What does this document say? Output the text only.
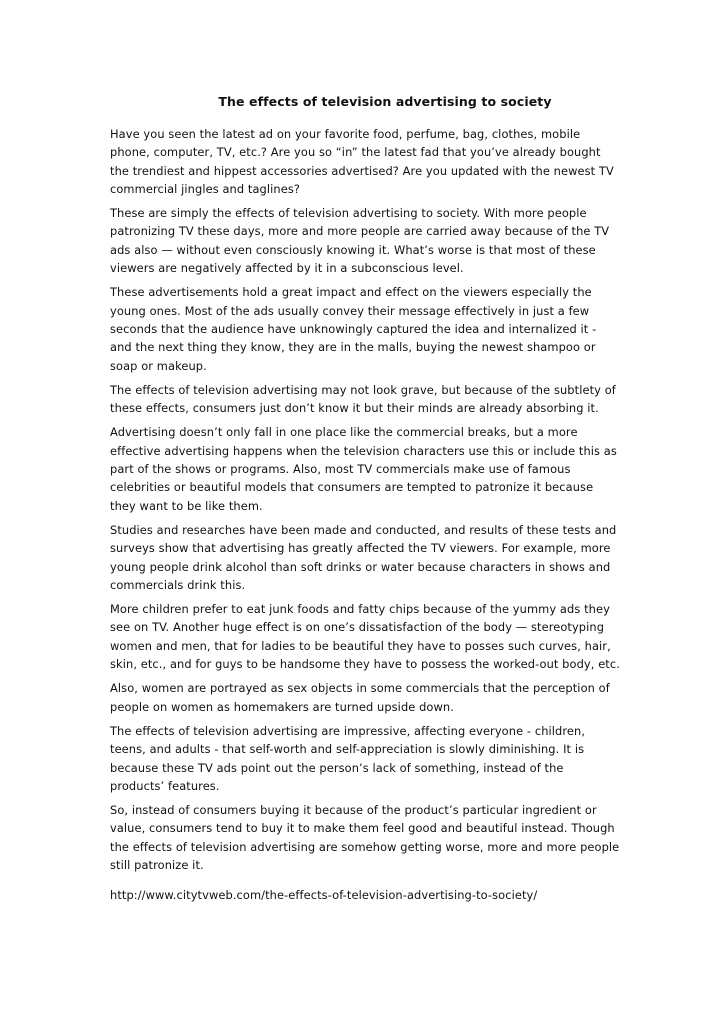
The effects of television advertising to society

Have you seen the latest ad on your favorite food, perfume, bag, clothes, mobile phone, computer, TV, etc.? Are you so “in” the latest fad that you’ve already bought the trendiest and hippest accessories advertised? Are you updated with the newest TV commercial jingles and taglines?

These are simply the effects of television advertising to society. With more people patronizing TV these days, more and more people are carried away because of the TV ads also — without even consciously knowing it. What’s worse is that most of these viewers are negatively affected by it in a subconscious level.

These advertisements hold a great impact and effect on the viewers especially the young ones. Most of the ads usually convey their message effectively in just a few seconds that the audience have unknowingly captured the idea and internalized it - and the next thing they know, they are in the malls, buying the newest shampoo or soap or makeup.

The effects of television advertising may not look grave, but because of the subtlety of these effects, consumers just don’t know it but their minds are already absorbing it.

Advertising doesn’t only fall in one place like the commercial breaks, but a more effective advertising happens when the television characters use this or include this as part of the shows or programs. Also, most TV commercials make use of famous celebrities or beautiful models that consumers are tempted to patronize it because they want to be like them.

Studies and researches have been made and conducted, and results of these tests and surveys show that advertising has greatly affected the TV viewers. For example, more young people drink alcohol than soft drinks or water because characters in shows and commercials drink this.

More children prefer to eat junk foods and fatty chips because of the yummy ads they see on TV. Another huge effect is on one’s dissatisfaction of the body — stereotyping women and men, that for ladies to be beautiful they have to posses such curves, hair, skin, etc., and for guys to be handsome they have to possess the worked-out body, etc.

Also, women are portrayed as sex objects in some commercials that the perception of people on women as homemakers are turned upside down.

The effects of television advertising are impressive, affecting everyone - children, teens, and adults - that self-worth and self-appreciation is slowly diminishing. It is because these TV ads point out the person’s lack of something, instead of the products’ features.

So, instead of consumers buying it because of the product’s particular ingredient or value, consumers tend to buy it to make them feel good and beautiful instead. Though the effects of television advertising are somehow getting worse, more and more people still patronize it.

http://www.citytvweb.com/the-effects-of-television-advertising-to-society/
